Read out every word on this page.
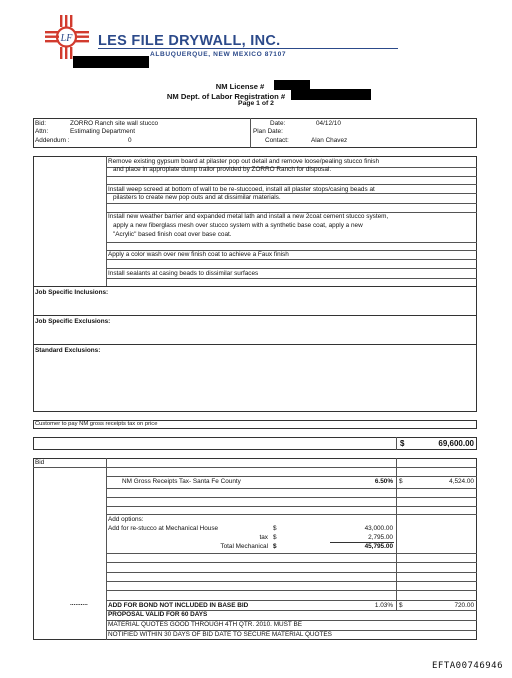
LF LES FILE DRYWALL, INC.
ALBUQUERQUE, NEW MEXICO 87107
NM License #
NM Dept. of Labor Registration #
Page 1 of 2
Bid:	ZORRO Ranch site wall stucco
Attn:	Estimating Department
Addendum :	0
Date:	04/12/10
Plan Date:
Contact:	Alan Chavez
Remove existing gypsum board at pilaster pop out detail and remove loose/pealing stucco finish
and place in appropiate dump trailor provided by ZORRO Ranch for disposal.
Install weep screed at bottom of wall to be re-stuccoed, install all plaster stops/casing beads at
pilasters to create new pop outs and at dissimilar materials.
Install new weather barrier and expanded metal lath and install a new 2coat cement stucco system,
apply a new fiberglass mesh over stucco system with a synthetic base coat, apply a new
"Acrylic" based finish coat over base coat.
Apply a color wash over new finish coat to achieve a Faux finish
Install sealants at casing beads to dissimilar surfaces
Job Specific Inclusions:
Job Specific Exclusions:
Standard Exclusions:
Customer to pay NM gross receipts tax on price
$	69,600.00
Bid
NM Gross Receipts Tax- Santa Fe County	6.50% $	4,524.00
Add options:
Add for re-stucco at Mechanical House	$	43,000.00
tax $	2,795.00
Total Mechanical $	45,795.00
..........	ADD FOR BOND NOT INCLUDED IN BASE BID	1.03% $	720.00
PROPOSAL VALID FOR 60 DAYS
MATERIAL QUOTES GOOD THROUGH 4TH QTR. 2010. MUST BE
NOTIFIED WITHIN 30 DAYS OF BID DATE TO SECURE MATERIAL QUOTES
EFTA00746946
